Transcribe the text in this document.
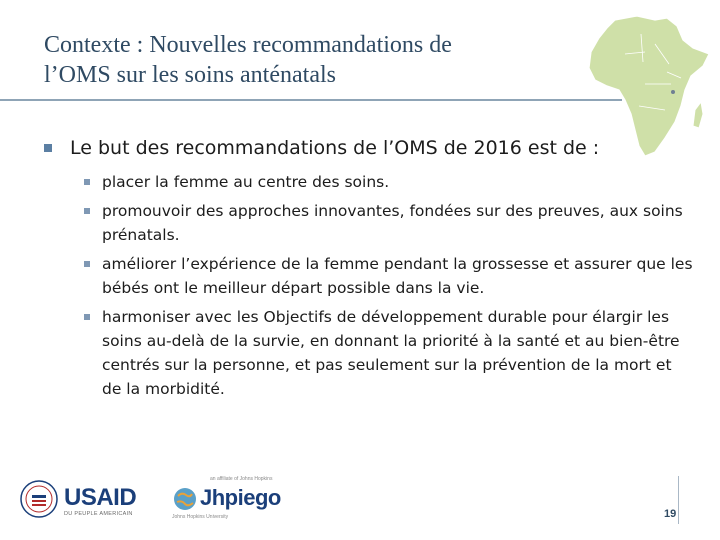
Contexte : Nouvelles recommandations de
l’OMS sur les soins anténatals
Le but des recommandations de l’OMS de 2016 est de :
placer la femme au centre des soins.
promouvoir des approches innovantes, fondées sur des preuves, aux soins prénatals.
améliorer l’expérience de la femme pendant la grossesse et assurer que les bébés ont le meilleur départ possible dans la vie.
harmoniser avec les Objectifs de développement durable pour élargir les soins au-delà de la survie, en donnant la priorité à la santé et au bien-être centrés sur la personne, et pas seulement sur la prévention de la mort et de la morbidité.
USAID
DU PEUPLE AMERICAIN
an affiliate of Johns Hopkins
Jhpiego
Johns Hopkins University	19
